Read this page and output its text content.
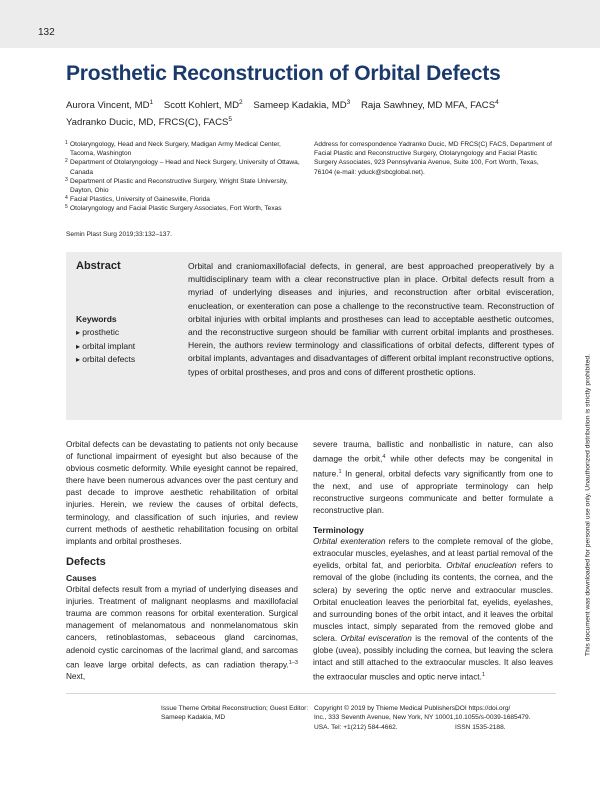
132
Prosthetic Reconstruction of Orbital Defects
Aurora Vincent, $MD^1$ Scott Kohlert, $MD^2$ Sameep Kadakia, $MD^3$ Raja Sawhney, MD MFA, FACS$^4$
Yadranko Ducic, MD, FRCS(C), FACS$^5$
1 Otolaryngology, Head and Neck Surgery, Madigan Army Medical Center, Tacoma, Washington
2 Department of Otolaryngology – Head and Neck Surgery, University of Ottawa, Canada
3 Department of Plastic and Reconstructive Surgery, Wright State University, Dayton, Ohio
4 Facial Plastics, University of Gainesville, Florida
5 Otolaryngology and Facial Plastic Surgery Associates, Fort Worth, Texas
Address for correspondence Yadranko Ducic, MD FRCS(C) FACS, Department of Facial Plastic and Reconstructive Surgery, Otolaryngology and Facial Plastic Surgery Associates, 923 Pennsylvania Avenue, Suite 100, Fort Worth, Texas, 76104 (e-mail: yduck@sbcglobal.net).
Semin Plast Surg 2019;33:132–137.
Abstract
Keywords
▸ prosthetic
▸ orbital implant
▸ orbital defects
Orbital and craniomaxillofacial defects, in general, are best approached preoperatively by a multidisciplinary team with a clear reconstructive plan in place. Orbital defects result from a myriad of underlying diseases and injuries, and reconstruction after orbital evisceration, enucleation, or exenteration can pose a challenge to the reconstructive team. Reconstruction of orbital injuries with orbital implants and prostheses can lead to acceptable aesthetic outcomes, and the reconstructive surgeon should be familiar with current orbital implants and prostheses. Herein, the authors review terminology and classifications of orbital defects, different types of orbital implants, advantages and disadvantages of different orbital implant reconstructive options, types of orbital prostheses, and pros and cons of different prosthetic options.

Orbital defects can be devastating to patients not only because of functional impairment of eyesight but also because of the obvious cosmetic deformity. While eyesight cannot be repaired, there have been numerous advances over the past century and past decade to improve aesthetic rehabilitation of orbital injuries. Herein, we review the causes of orbital defects, terminology, and classification of such injuries, and review current methods of aesthetic rehabilitation focusing on orbital implants and orbital prostheses.

Defects
Causes

Orbital defects result from a myriad of underlying diseases and injuries. Treatment of malignant neoplasms and maxillofacial trauma are common reasons for orbital exenteration. Surgical management of melanomatous and nonmelanomatous skin cancers, retinoblastomas, sebaceous gland carcinomas, adenoid cystic carcinomas of the lacrimal gland, and sarcomas can leave large orbital defects, as can radiation therapy.$^{1-3}$ Next,

severe trauma, ballistic and nonballistic in nature, can also damage the orbit,$^4$ while other defects may be congenital in nature.$^1$ In general, orbital defects vary significantly from one to the next, and use of appropriate terminology can help reconstructive surgeons communicate and better formulate a reconstructive plan.

Terminology

Orbital exenteration refers to the complete removal of the globe, extraocular muscles, eyelashes, and at least partial removal of the eyelids, orbital fat, and periorbita. Orbital enucleation refers to removal of the globe (including its contents, the cornea, and the sclera) by severing the optic nerve and extraocular muscles. Orbital enucleation leaves the periorbital fat, eyelids, eyelashes, and surrounding bones of the orbit intact, and it leaves the orbital muscles intact, simply separated from the removed globe and sclera. Orbital evisceration is the removal of the contents of the globe (uvea), possibly including the cornea, but leaving the sclera intact and still attached to the extraocular muscles. It also leaves the extraocular muscles and optic nerve intact.$^1$

Issue Theme Orbital Reconstruction; Guest Editor: Sameep Kadakia, MD
Copyright © 2019 by Thieme Medical Publishers, Inc., 333 Seventh Avenue, New York, NY 10001, USA. Tel: +1(212) 584-4662.
DOI https://doi.org/
10.1055/s-0039-1685479.
ISSN 1535-2188.
This document was downloaded for personal use only. Unauthorized distribution is strictly prohibited.
